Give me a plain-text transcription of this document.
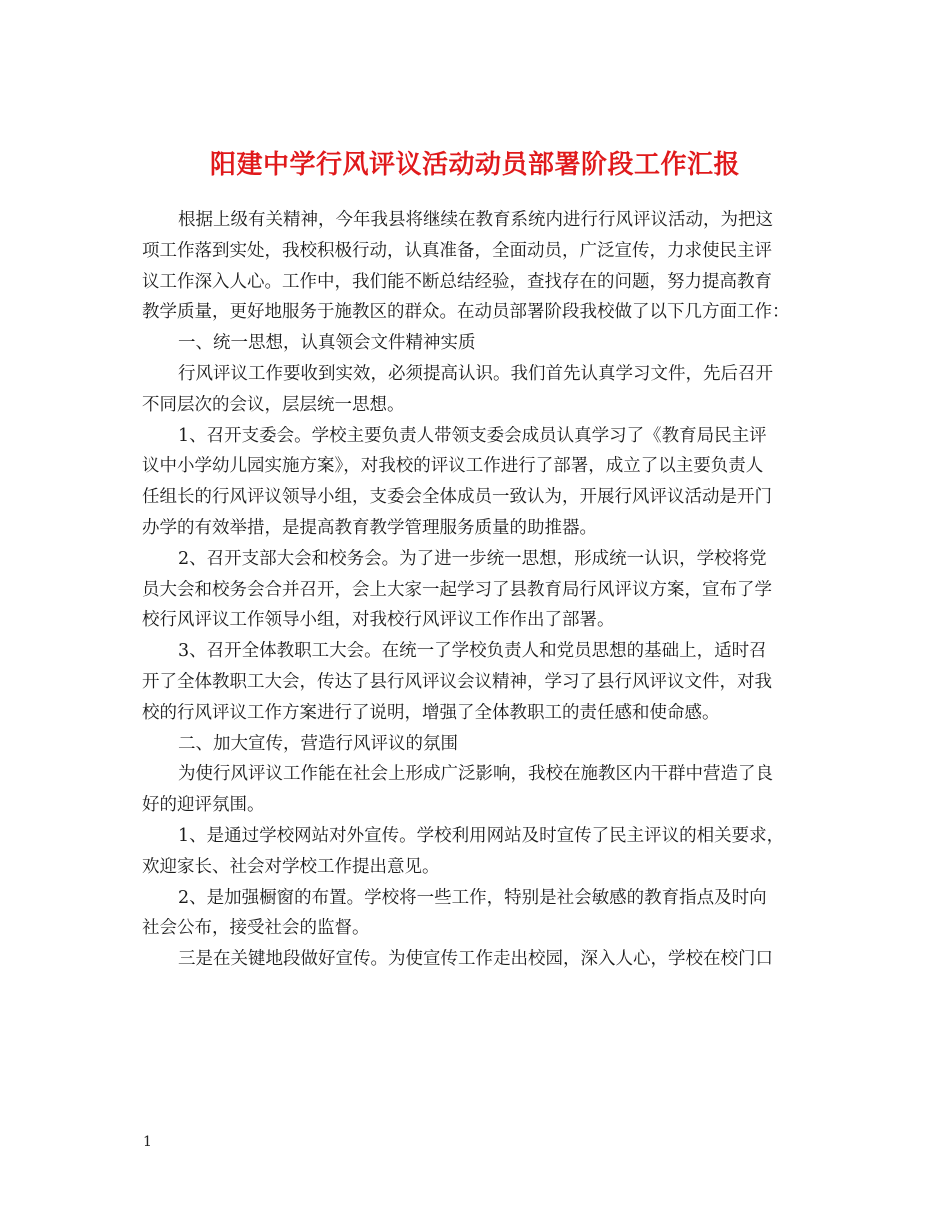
阳建中学行风评议活动动员部署阶段工作汇报
根据上级有关精神，今年我县将继续在教育系统内进行行风评议活动，为把这
项工作落到实处，我校积极行动，认真准备，全面动员，广泛宣传，力求使民主评
议工作深入人心。工作中，我们能不断总结经验，查找存在的问题，努力提高教育
教学质量，更好地服务于施教区的群众。在动员部署阶段我校做了以下几方面工作：
一、统一思想，认真领会文件精神实质
行风评议工作要收到实效，必须提高认识。我们首先认真学习文件，先后召开
不同层次的会议，层层统一思想。
1、召开支委会。学校主要负责人带领支委会成员认真学习了《教育局民主评
议中小学幼儿园实施方案》，对我校的评议工作进行了部署，成立了以主要负责人
任组长的行风评议领导小组，支委会全体成员一致认为，开展行风评议活动是开门
办学的有效举措，是提高教育教学管理服务质量的助推器。
2、召开支部大会和校务会。为了进一步统一思想，形成统一认识，学校将党
员大会和校务会合并召开，会上大家一起学习了县教育局行风评议方案，宣布了学
校行风评议工作领导小组，对我校行风评议工作作出了部署。
3、召开全体教职工大会。在统一了学校负责人和党员思想的基础上，适时召
开了全体教职工大会，传达了县行风评议会议精神，学习了县行风评议文件，对我
校的行风评议工作方案进行了说明，增强了全体教职工的责任感和使命感。
二、加大宣传，营造行风评议的氛围
为使行风评议工作能在社会上形成广泛影响，我校在施教区内干群中营造了良
好的迎评氛围。
1、是通过学校网站对外宣传。学校利用网站及时宣传了民主评议的相关要求，
欢迎家长、社会对学校工作提出意见。
2、是加强橱窗的布置。学校将一些工作，特别是社会敏感的教育指点及时向
社会公布，接受社会的监督。
三是在关键地段做好宣传。为使宣传工作走出校园，深入人心，学校在校门口
1
